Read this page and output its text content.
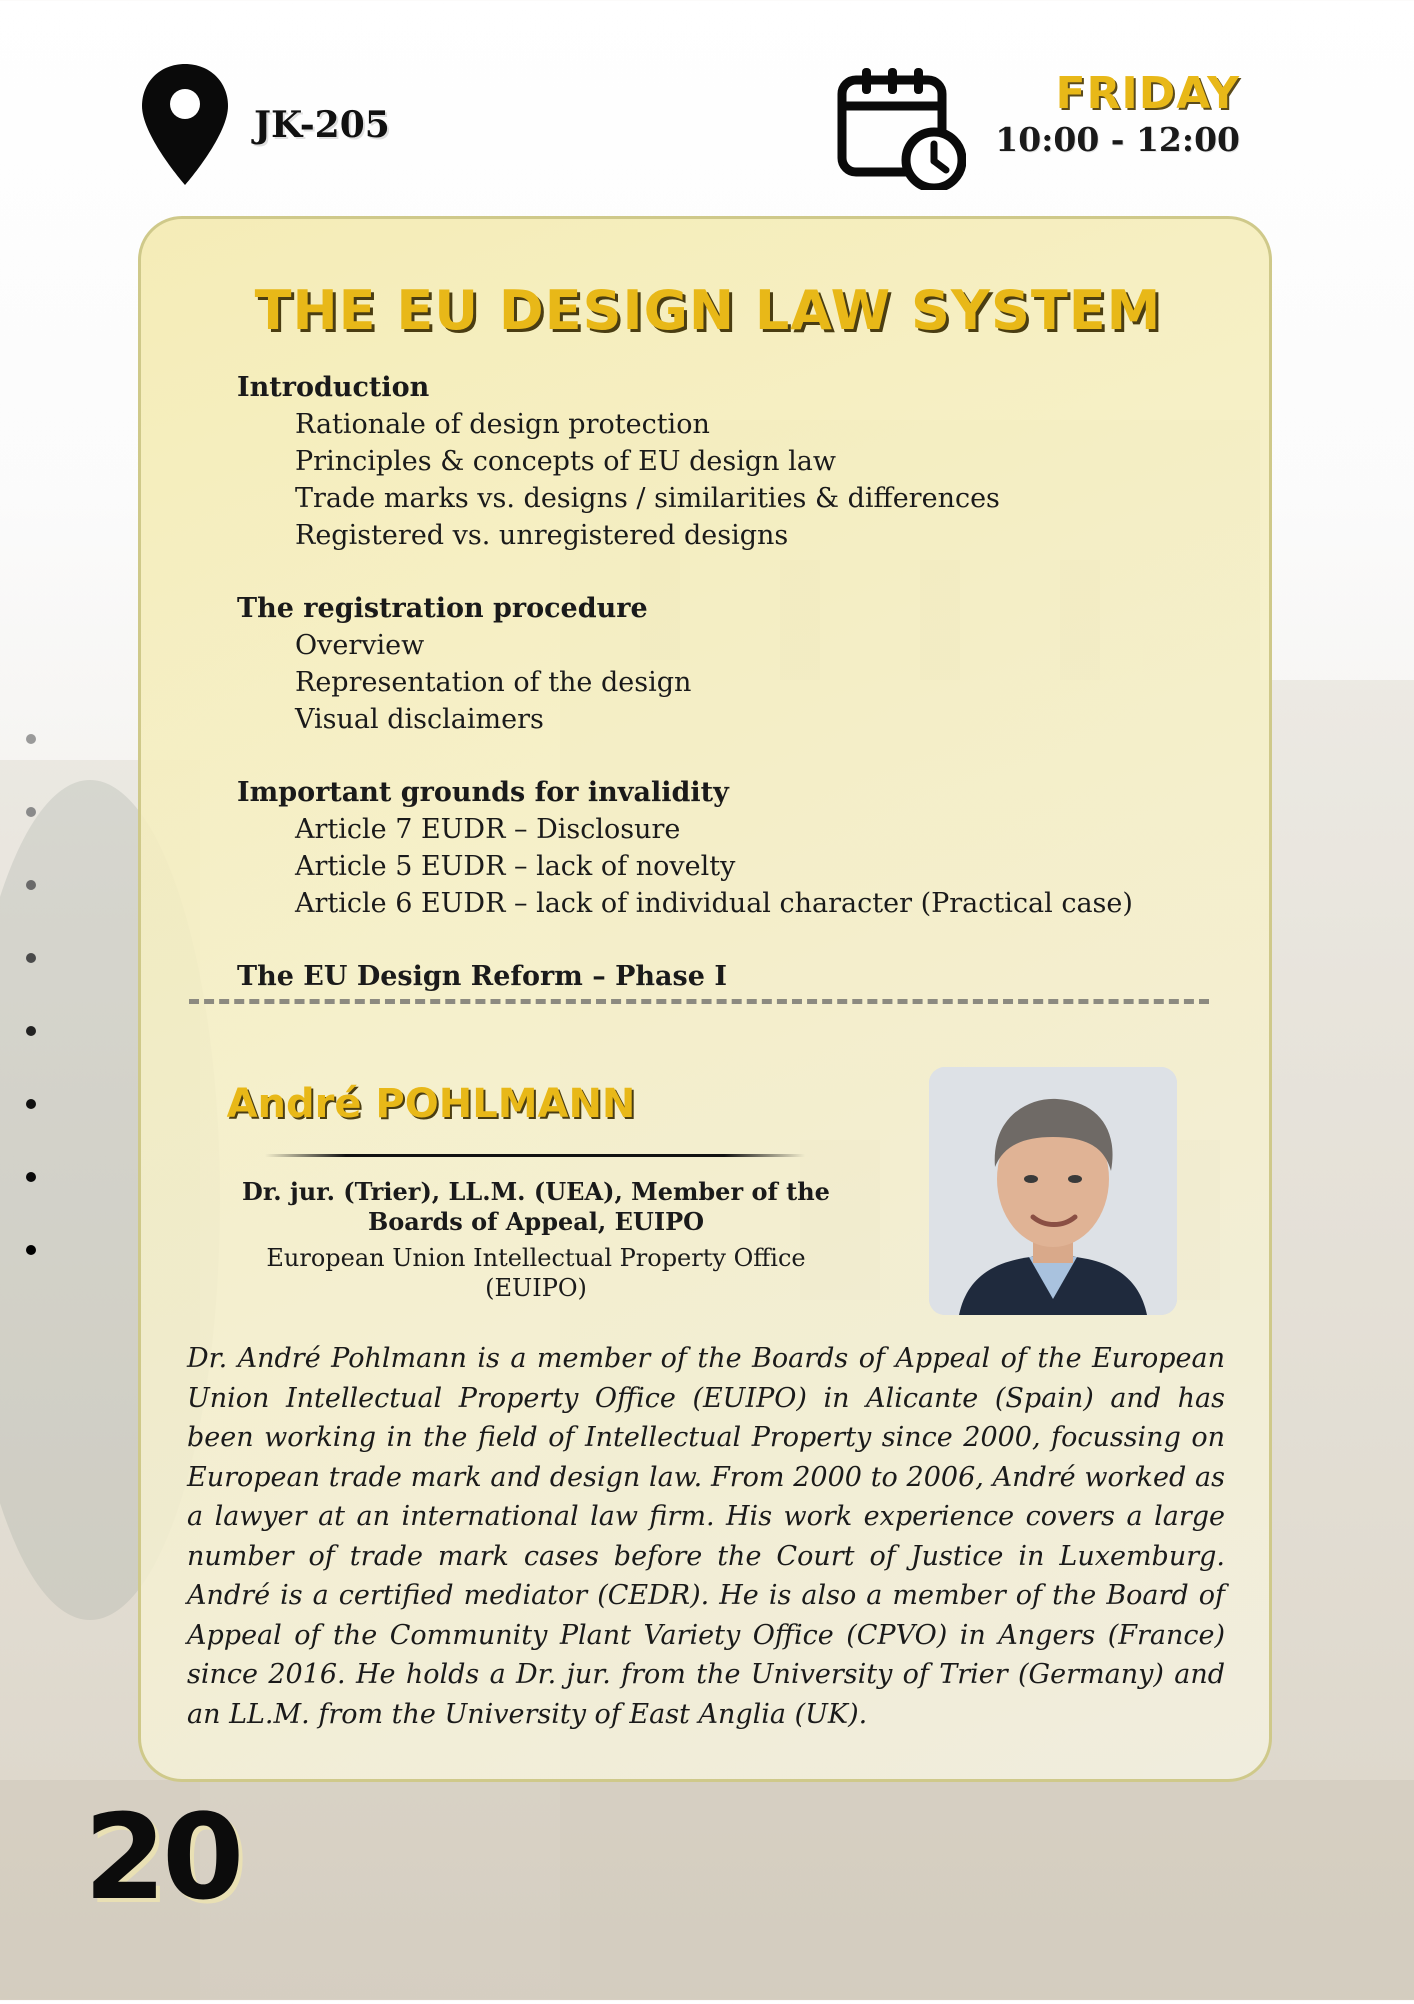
JK-205
FRIDAY
10:00 - 12:00
THE EU DESIGN LAW SYSTEM
Introduction
Rationale of design protection
Principles & concepts of EU design law
Trade marks vs. designs / similarities & differences
Registered vs. unregistered designs
The registration procedure
Overview
Representation of the design
Visual disclaimers
Important grounds for invalidity
Article 7 EUDR – Disclosure
Article 5 EUDR – lack of novelty
Article 6 EUDR – lack of individual character (Practical case)
The EU Design Reform – Phase I
André POHLMANN
Dr. jur. (Trier), LL.M. (UEA), Member of the
Boards of Appeal, EUIPO
European Union Intellectual Property Office
(EUIPO)
Dr. André Pohlmann is a member of the Boards of Appeal of the European Union Intellectual Property Office (EUIPO) in Alicante (Spain) and has been working in the field of Intellectual Property since 2000, focussing on European trade mark and design law. From 2000 to 2006, André worked as a lawyer at an international law firm. His work experience covers a large number of trade mark cases before the Court of Justice in Luxemburg. André is a certified mediator (CEDR). He is also a member of the Board of Appeal of the Community Plant Variety Office (CPVO) in Angers (France) since 2016. He holds a Dr. jur. from the University of Trier (Germany) and an LL.M. from the University of East Anglia (UK).
20
